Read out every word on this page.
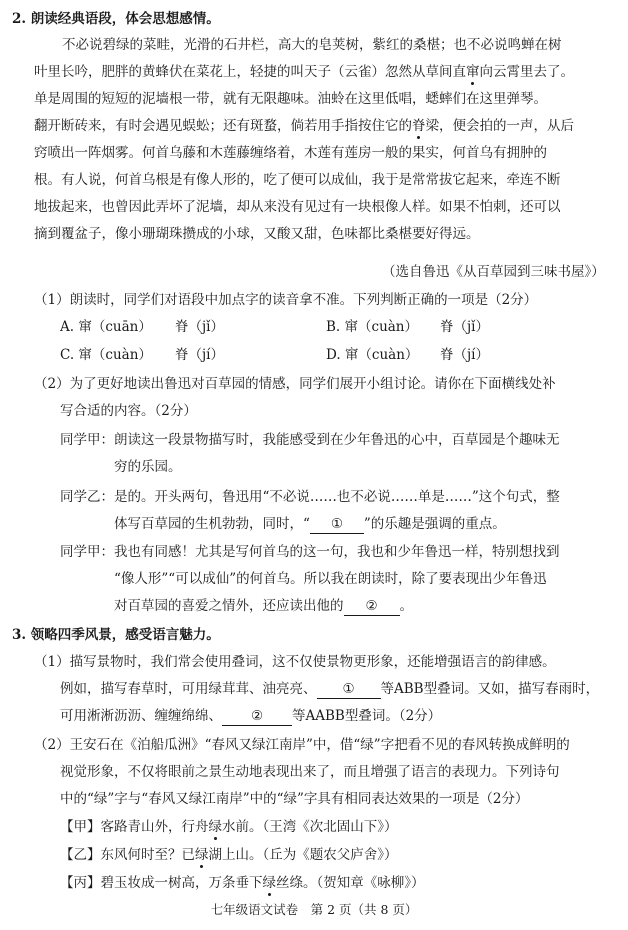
2. 朗读经典语段，体会思想感情。
不必说碧绿的菜畦，光滑的石井栏，高大的皂荚树，紫红的桑椹；也不必说鸣蝉在树
叶里长吟，肥胖的黄蜂伏在菜花上，轻捷的叫天子（云雀）忽然从草间直窜向云霄里去了。
单是周围的短短的泥墙根一带，就有无限趣味。油蛉在这里低唱，蟋蟀们在这里弹琴。
翻开断砖来，有时会遇见蜈蚣；还有斑蝥，倘若用手指按住它的脊梁，便会拍的一声，从后
窍喷出一阵烟雾。何首乌藤和木莲藤缠络着，木莲有莲房一般的果实，何首乌有拥肿的
根。有人说，何首乌根是有像人形的，吃了便可以成仙，我于是常常拔它起来，牵连不断
地拔起来，也曾因此弄坏了泥墙，却从来没有见过有一块根像人样。如果不怕刺，还可以
摘到覆盆子，像小珊瑚珠攒成的小球，又酸又甜，色味都比桑椹要好得远。
（选自鲁迅《从百草园到三味书屋》）
（1）朗读时，同学们对语段中加点字的读音拿不准。下列判断正确的一项是（2分）
A. 窜（cuān） 脊（jǐ）	B. 窜（cuàn） 脊（jǐ）
C. 窜（cuàn） 脊（jí）	D. 窜（cuàn） 脊（jí）
（2）为了更好地读出鲁迅对百草园的情感，同学们展开小组讨论。请你在下面横线处补
写合适的内容。（2分）
同学甲： 朗读这一段景物描写时，我能感受到在少年鲁迅的心中，百草园是个趣味无
穷的乐园。
同学乙： 是的。开头两句，鲁迅用“不必说……也不必说……单是……”这个句式，整
体写百草园的生机勃勃，同时，“ ① ”的乐趣是强调的重点。
同学甲： 我也有同感！尤其是写何首乌的这一句，我也和少年鲁迅一样，特别想找到
“像人形”“可以成仙”的何首乌。所以我在朗读时，除了要表现出少年鲁迅
对百草园的喜爱之情外，还应读出他的 ② 。
3. 领略四季风景，感受语言魅力。
（1）描写景物时，我们常会使用叠词，这不仅使景物更形象，还能增强语言的韵律感。
例如，描写春草时，可用绿茸茸、油亮亮、 ① 等ABB型叠词。又如，描写春雨时，
可用淅淅沥沥、缠缠绵绵、 ② 等AABB型叠词。（2分）
（2）王安石在《泊船瓜洲》“春风又绿江南岸”中，借“绿”字把看不见的春风转换成鲜明的
视觉形象，不仅将眼前之景生动地表现出来了，而且增强了语言的表现力。下列诗句
中的“绿”字与“春风又绿江南岸”中的“绿”字具有相同表达效果的一项是（2分）
【甲】客路青山外，行舟绿水前。（王湾《次北固山下》）
【乙】东风何时至？已绿湖上山。（丘为《题农父庐舍》）
【丙】碧玉妆成一树高，万条垂下绿丝绦。（贺知章《咏柳》）
七年级语文试卷　第 2 页（共 8 页）
